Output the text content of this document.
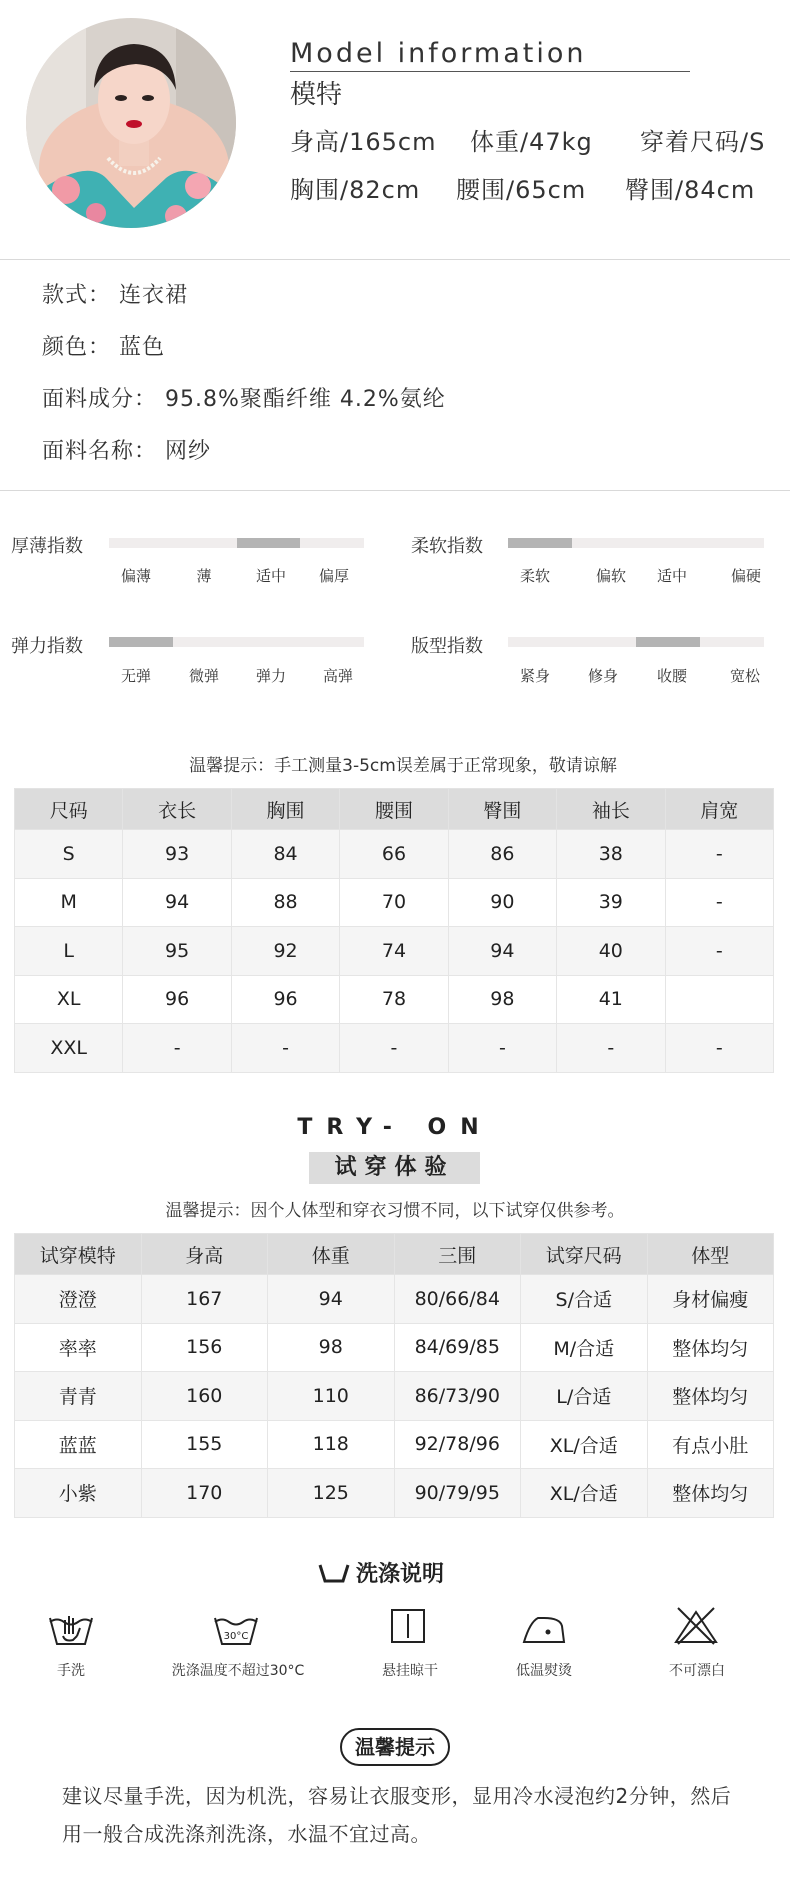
Model information
模特
身高/165cm 体重/47kg 穿着尺码/S
胸围/82cm 腰围/65cm 臀围/84cm
款式： 连衣裙
颜色： 蓝色
面料成分： 95.8%聚酯纤维 4.2%氨纶
面料名称： 网纱
厚薄指数
偏薄	薄	适中 偏厚
柔软指数
柔软	偏软 适中	偏硬
弹力指数
无弹	微弹 弹力 高弹
版型指数
紧身	修身	收腰	宽松
温馨提示：手工测量3-5cm误差属于正常现象，敬请谅解
尺码	衣长	胸围	腰围	臀围	袖长	肩宽
S	93	84	66	86	38	-
M	94	88	70	90	39	-
L	95	92	74	94	40	-
XL	96	96	78	98	41	
XXL	-	-	-	-	-	-
TRY- ON
试穿体验
温馨提示：因个人体型和穿衣习惯不同，以下试穿仅供参考。
试穿模特	身高	体重	三围	试穿尺码	体型
澄澄	167	94	80/66/84	S/合适	身材偏瘦
率率	156	98	84/69/85	M/合适	整体均匀
青青	160	110	86/73/90	L/合适	整体均匀
蓝蓝	155	118	92/78/96	XL/合适	有点小肚
小紫	170	125	90/79/95	XL/合适	整体均匀
洗涤说明
手洗
30°C
洗涤温度不超过30°C	悬挂晾干	低温熨烫	不可漂白
温馨提示
建议尽量手洗，因为机洗，容易让衣服变形，显用冷水浸泡约2分钟，然后
用一般合成洗涤剂洗涤，水温不宜过高。
